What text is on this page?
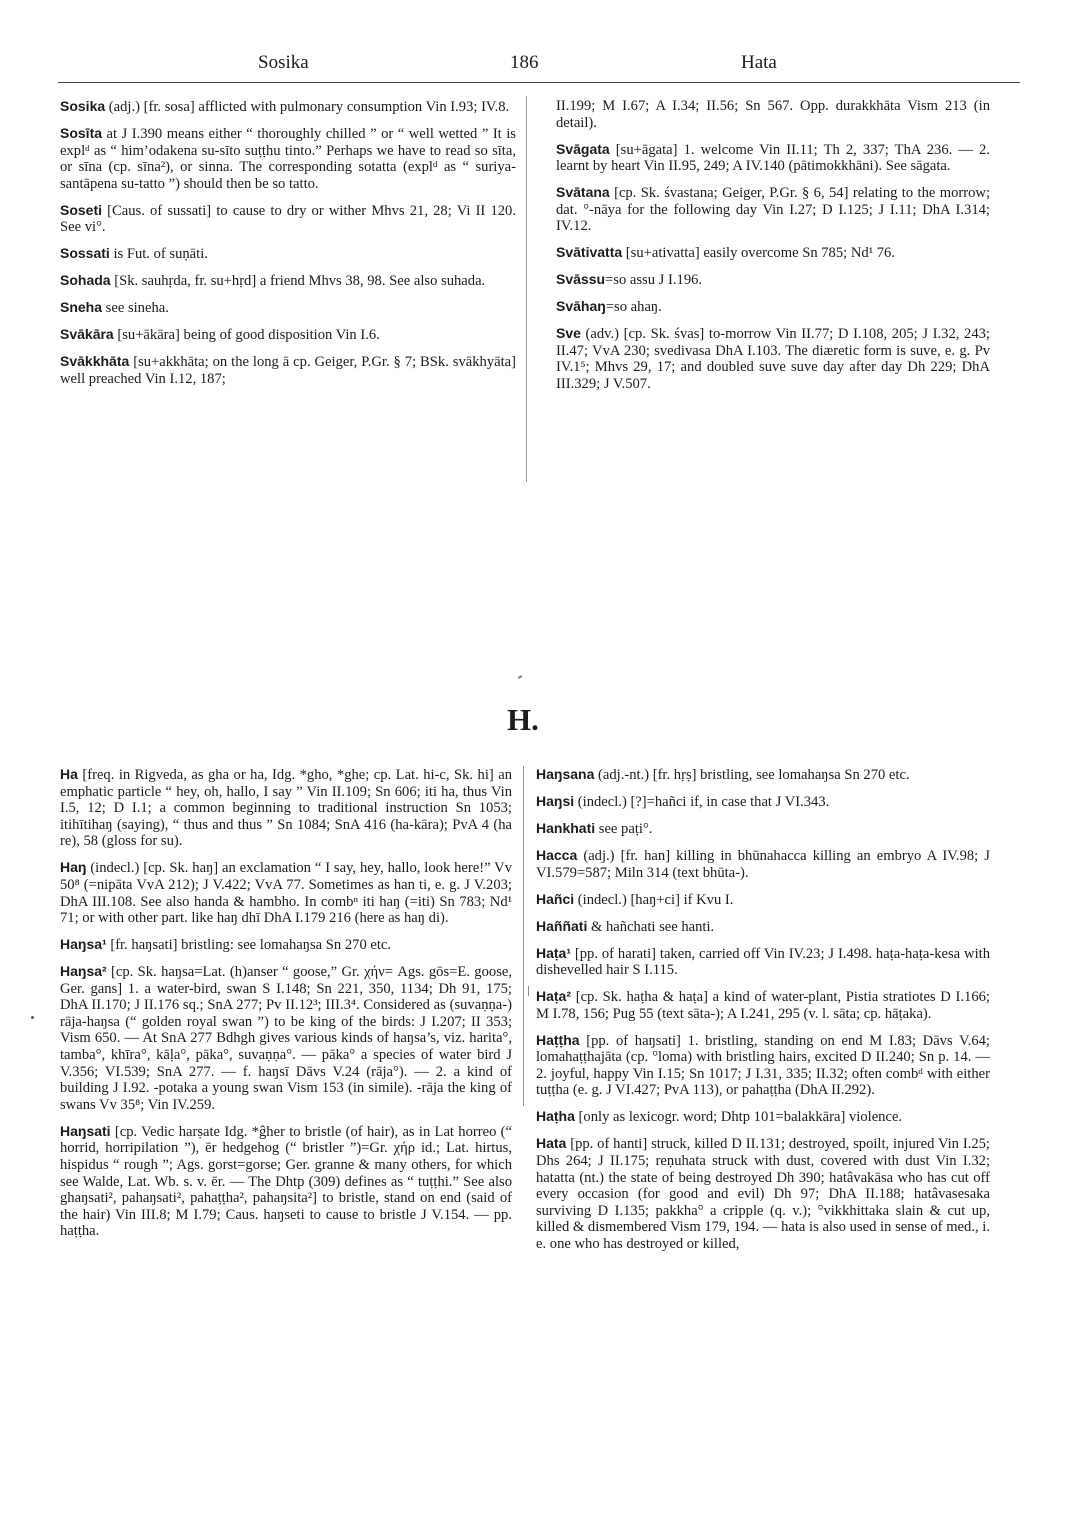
Sosika	186	Hata

Sosika (adj.) [fr. sosa] afflicted with pulmonary consumption Vin I.93; IV.8.

Sosīta at J I.390 means either “ thoroughly chilled ” or “ well wetted ” It is explᵈ as “ him’odakena su-sīto suṭṭhu tinto.” Perhaps we have to read so sīta, or sīna (cp. sīna²), or sinna. The corresponding sotatta (explᵈ as “ suriya-santāpena su-tatto ”) should then be so tatto.

Soseti [Caus. of sussati] to cause to dry or wither Mhvs 21, 28; Vi II 120. See vi°.

Sossati is Fut. of suṇāti.

Sohada [Sk. sauhṛda, fr. su+hṛd] a friend Mhvs 38, 98. See also suhada.

Sneha see sineha.

Svākāra [su+ākāra] being of good disposition Vin I.6.

Svākkhāta [su+akkhāta; on the long ā cp. Geiger, P.Gr. § 7; BSk. svākhyāta] well preached Vin I.12, 187;

II.199; M I.67; A I.34; II.56; Sn 567. Opp. durakkhāta Vism 213 (in detail).

Svāgata [su+āgata] 1. welcome Vin II.11; Th 2, 337; ThA 236. — 2. learnt by heart Vin II.95, 249; A IV.140 (pātimokkhāni). See sāgata.

Svātana [cp. Sk. śvastana; Geiger, P.Gr. § 6, 54] relating to the morrow; dat. °-nāya for the following day Vin I.27; D I.125; J I.11; DhA I.314; IV.12.

Svātivatta [su+ativatta] easily overcome Sn 785; Nd¹ 76.

Svāssu=so assu J I.196.

Svāhaŋ=so ahaŋ.

Sve (adv.) [cp. Sk. śvas] to-morrow Vin II.77; D I.108, 205; J I.32, 243; II.47; VvA 230; svedivasa DhA I.103. The diæretic form is suve, e. g. Pv IV.1⁵; Mhvs 29, 17; and doubled suve suve day after day Dh 229; DhA III.329; J V.507.

H.

Ha [freq. in Rigveda, as gha or ha, Idg. *gho, *ghe; cp. Lat. hi-c, Sk. hi] an emphatic particle “ hey, oh, hallo, I say ” Vin II.109; Sn 606; iti ha, thus Vin I.5, 12; D I.1; a common beginning to traditional instruction Sn 1053; itihītihaŋ (saying), “ thus and thus ” Sn 1084; SnA 416 (ha-kāra); PvA 4 (ha re), 58 (gloss for su).

Haŋ (indecl.) [cp. Sk. haŋ] an exclamation “ I say, hey, hallo, look here!” Vv 50⁸ (=nipāta VvA 212); J V.422; VvA 77. Sometimes as han ti, e. g. J V.203; DhA III.108. See also handa & hambho. In combⁿ iti haŋ (=iti) Sn 783; Nd¹ 71; or with other part. like haŋ dhī DhA I.179 216 (here as haŋ di).

Haŋsa¹ [fr. haŋsati] bristling: see lomahaŋsa Sn 270 etc.

Haŋsa² [cp. Sk. haŋsa=Lat. (h)anser “ goose,” Gr. χήν= Ags. gōs=E. goose, Ger. gans] 1. a water-bird, swan S I.148; Sn 221, 350, 1134; Dh 91, 175; DhA II.170; J II.176 sq.; SnA 277; Pv II.12³; III.3⁴. Considered as (suvaṇṇa-) rāja-haŋsa (“ golden royal swan ”) to be king of the birds: J I.207; II 353; Vism 650. — At SnA 277 Bdhgh gives various kinds of haŋsa’s, viz. harita°, tamba°, khīra°, kāḷa°, pāka°, suvaṇṇa°. — pāka° a species of water bird J V.356; VI.539; SnA 277. — f. haŋsī Dāvs V.24 (rāja°). — 2. a kind of building J I.92. -potaka a young swan Vism 153 (in simile). -rāja the king of swans Vv 35⁸; Vin IV.259.

Haŋsati [cp. Vedic harṣate Idg. *ĝher to bristle (of hair), as in Lat horreo (“ horrid, horripilation ”), ēr hedgehog (“ bristler ”)=Gr. χήρ id.; Lat. hirtus, hispidus “ rough ”; Ags. gorst=gorse; Ger. granne & many others, for which see Walde, Lat. Wb. s. v. ēr. — The Dhtp (309) defines as “ tuṭṭhi.” See also ghaŋsati², pahaŋsati², pahaṭṭha², pahaŋsita²] to bristle, stand on end (said of the hair) Vin III.8; M I.79; Caus. haŋseti to cause to bristle J V.154. — pp. haṭṭha.

Haŋsana (adj.-nt.) [fr. hṛṣ] bristling, see lomahaŋsa Sn 270 etc.

Haŋsi (indecl.) [?]=hañci if, in case that J VI.343.

Hankhati see paṭi°.

Hacca (adj.) [fr. han] killing in bhūnahacca killing an embryo A IV.98; J VI.579=587; Miln 314 (text bhūta-).

Hañci (indecl.) [haŋ+ci] if Kvu I.

Haññati & hañchati see hanti.

Haṭa¹ [pp. of harati] taken, carried off Vin IV.23; J I.498. haṭa-haṭa-kesa with dishevelled hair S I.115.

Haṭa² [cp. Sk. haṭha & haṭa] a kind of water-plant, Pistia stratiotes D I.166; M I.78, 156; Pug 55 (text sāta-); A I.241, 295 (v. l. sāta; cp. hāṭaka).

Haṭṭha [pp. of haŋsati] 1. bristling, standing on end M I.83; Dāvs V.64; lomahaṭṭhajāta (cp. °loma) with bristling hairs, excited D II.240; Sn p. 14. — 2. joyful, happy Vin I.15; Sn 1017; J I.31, 335; II.32; often combᵈ with either tuṭṭha (e. g. J VI.427; PvA 113), or pahaṭṭha (DhA II.292).

Haṭha [only as lexicogr. word; Dhtp 101=balakkāra] violence.

Hata [pp. of hanti] struck, killed D II.131; destroyed, spoilt, injured Vin I.25; Dhs 264; J II.175; reṇuhata struck with dust, covered with dust Vin I.32; hatatta (nt.) the state of being destroyed Dh 390; hatâvakāsa who has cut off every occasion (for good and evil) Dh 97; DhA II.188; hatâvasesaka surviving D I.135; pakkha° a cripple (q. v.); °vikkhittaka slain & cut up, killed & dismembered Vism 179, 194. — hata is also used in sense of med., i. e. one who has destroyed or killed,
